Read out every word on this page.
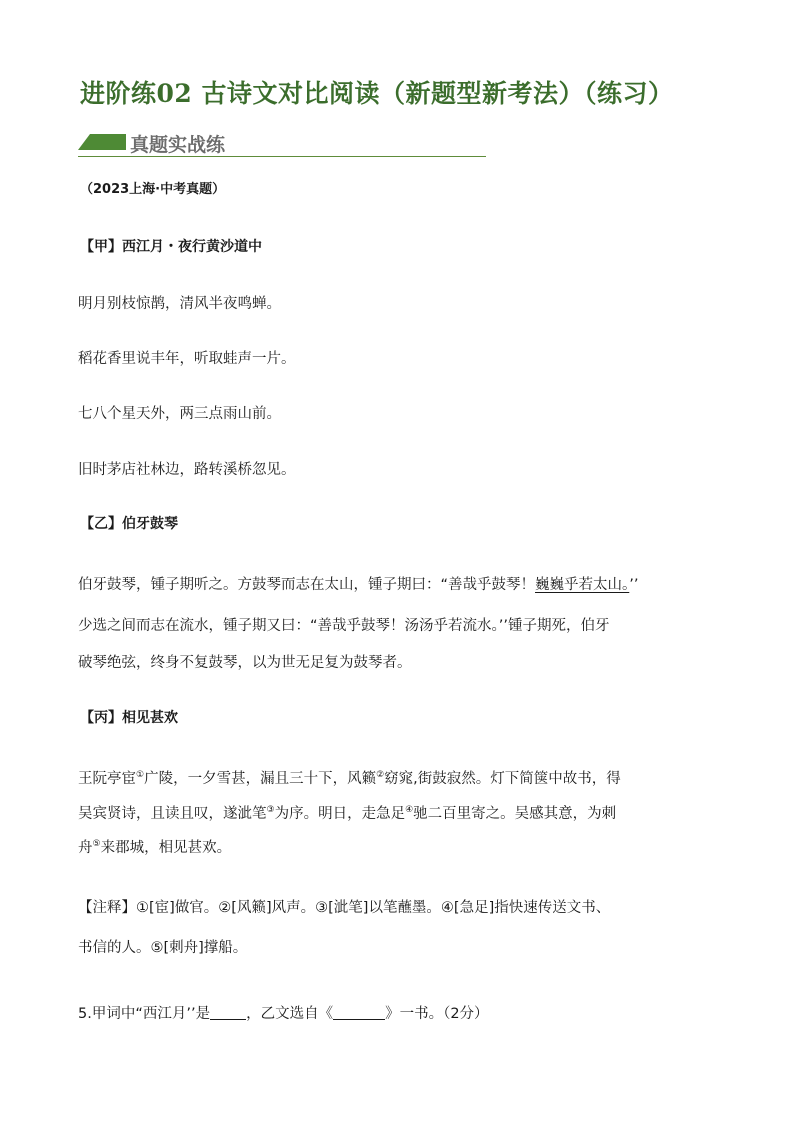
进阶练02 古诗文对比阅读（新题型新考法）（练习）
真题实战练
（2023上海·中考真题）
【甲】西江月・夜行黄沙道中
明月别枝惊鹊，清风半夜鸣蝉。
稻花香里说丰年，听取蛙声一片。
七八个星天外，两三点雨山前。
旧时茅店社林边，路转溪桥忽见。
【乙】伯牙鼓琴
伯牙鼓琴，锺子期听之。方鼓琴而志在太山，锺子期曰：“善哉乎鼓琴！巍巍乎若太山。’’
少选之间而志在流水，锺子期又曰：“善哉乎鼓琴！汤汤乎若流水。’’锺子期死，伯牙
破琴绝弦，终身不复鼓琴，以为世无足复为鼓琴者。
【丙】相见甚欢
王阮亭宦①广陵，一夕雪甚，漏且三十下，风籁②窈窕,街鼓寂然。灯下简箧中故书，得
吴宾贤诗，且读且叹，遂泚笔③为序。明日，走急足④驰二百里寄之。吴感其意，为刺
舟⑤来郡城，相见甚欢。
【注释】①[宦]做官。②[风籁]风声。③[泚笔]以笔蘸墨。④[急足]指快速传送文书、
书信的人。⑤[刺舟]撑船。
5.甲词中“西江月’’是 ，乙文选自《	》一书。（2分）
